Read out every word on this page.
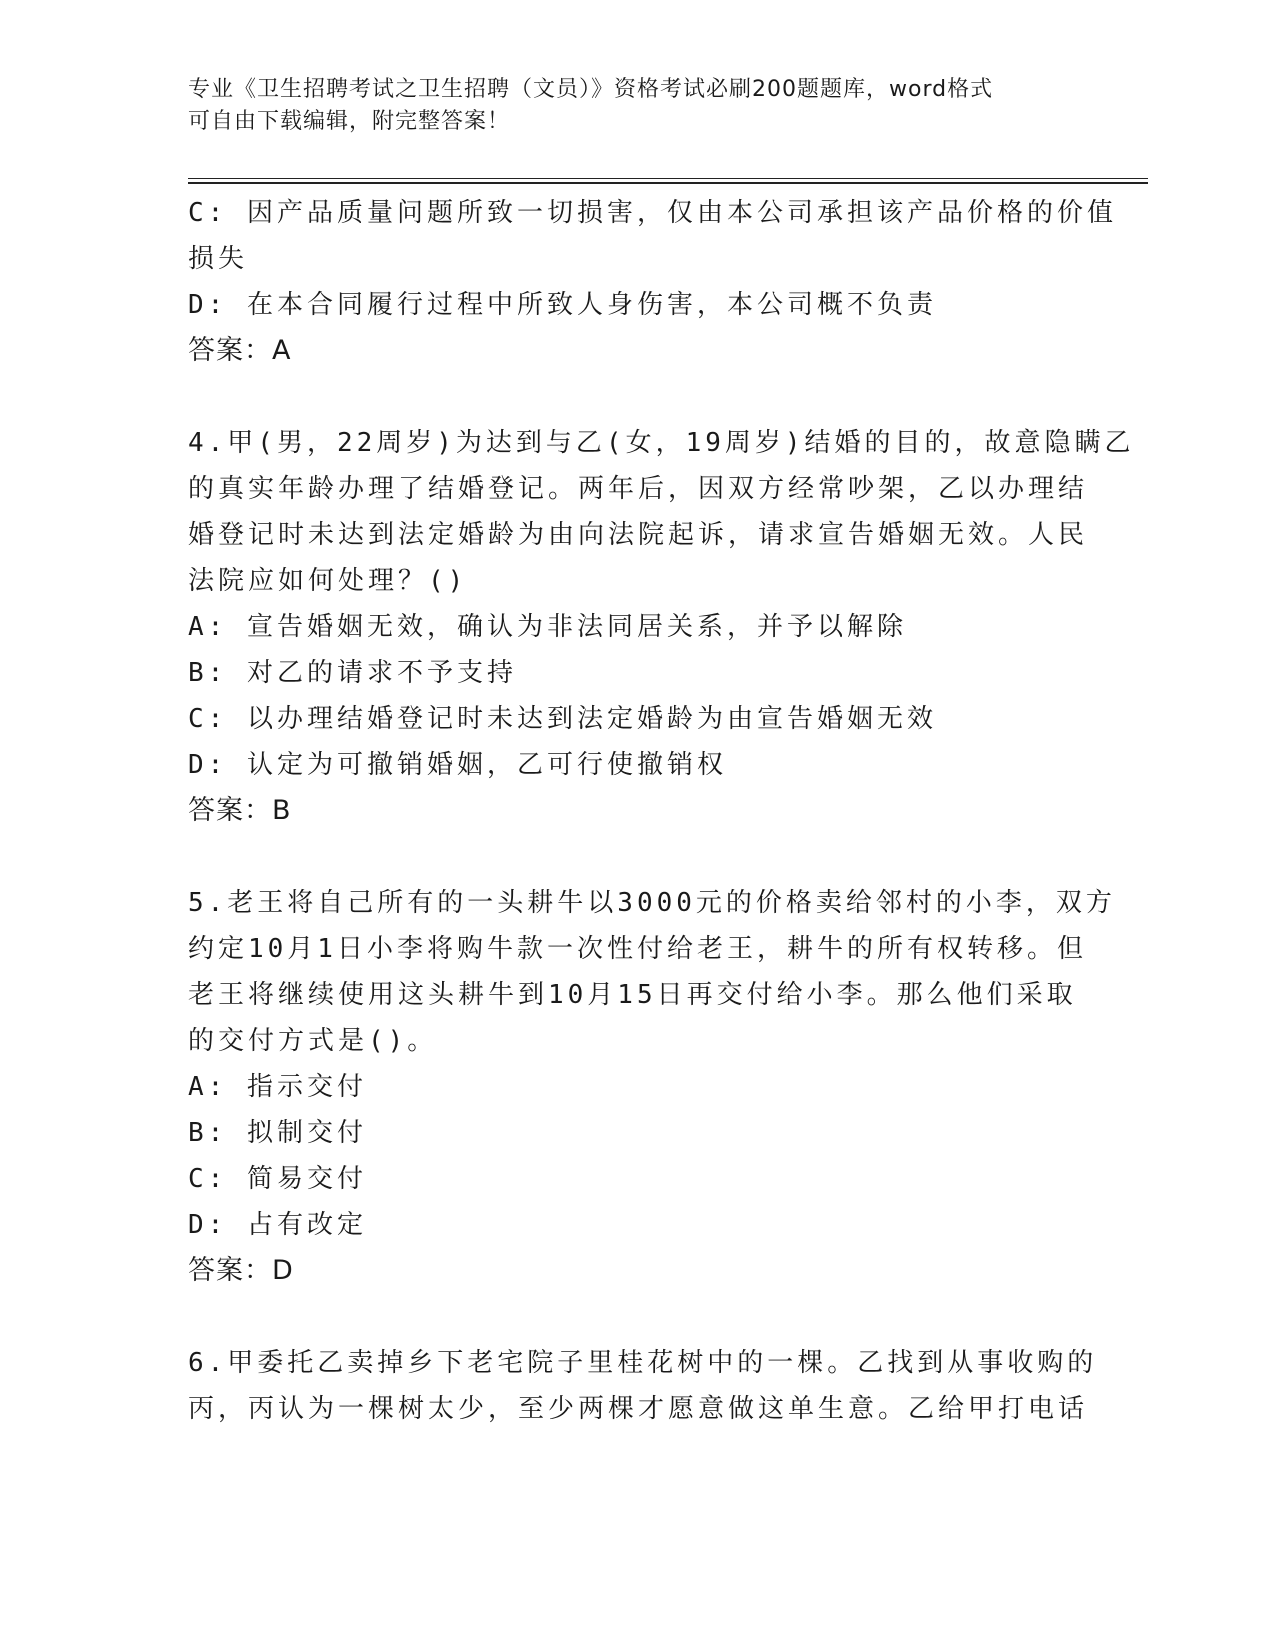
专业《卫生招聘考试之卫生招聘（文员）》资格考试必刷200题题库，word格式
可自由下载编辑，附完整答案！
C: 因产品质量问题所致一切损害，仅由本公司承担该产品价格的价值
损失
D: 在本合同履行过程中所致人身伤害，本公司概不负责
答案：A
4.甲(男，22周岁)为达到与乙(女，19周岁)结婚的目的，故意隐瞒乙
的真实年龄办理了结婚登记。两年后，因双方经常吵架，乙以办理结
婚登记时未达到法定婚龄为由向法院起诉，请求宣告婚姻无效。人民
法院应如何处理？()
A: 宣告婚姻无效，确认为非法同居关系，并予以解除
B: 对乙的请求不予支持
C: 以办理结婚登记时未达到法定婚龄为由宣告婚姻无效
D: 认定为可撤销婚姻，乙可行使撤销权
答案：B
5.老王将自己所有的一头耕牛以3000元的价格卖给邻村的小李，双方
约定10月1日小李将购牛款一次性付给老王，耕牛的所有权转移。但
老王将继续使用这头耕牛到10月15日再交付给小李。那么他们采取
的交付方式是()。
A: 指示交付
B: 拟制交付
C: 简易交付
D: 占有改定
答案：D
6.甲委托乙卖掉乡下老宅院子里桂花树中的一棵。乙找到从事收购的
丙，丙认为一棵树太少，至少两棵才愿意做这单生意。乙给甲打电话
